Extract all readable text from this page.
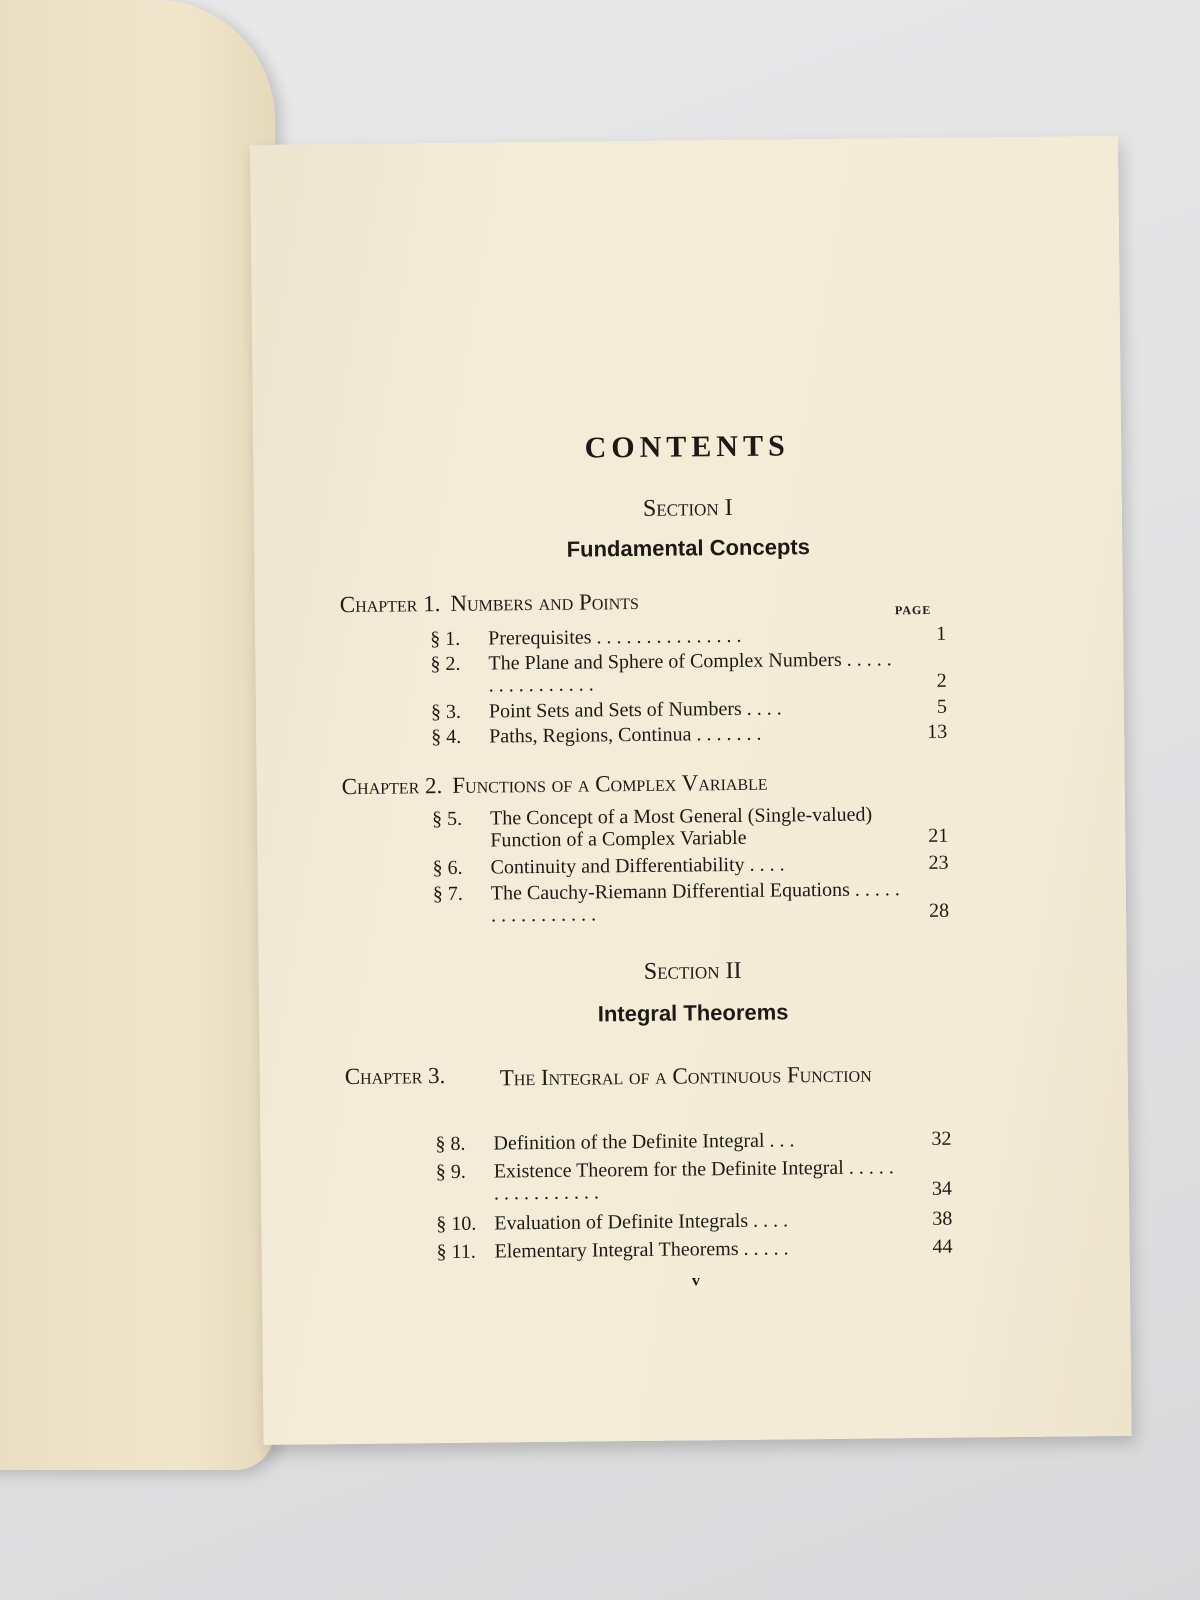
CONTENTS
Section I
Fundamental Concepts
Chapter 1. Numbers and Points	PAGE
§ 1.	Prerequisites . . . . . . . . . . . . . . .	1
§ 2.	The Plane and Sphere of Complex Numbers . . . . . . . . . . . . . . . .	2
§ 3.	Point Sets and Sets of Numbers . . . .	5
§ 4.	Paths, Regions, Continua . . . . . . .	13
Chapter 2. Functions of a Complex Variable
§ 5.	The Concept of a Most General (Single-valued) Function of a Complex Variable	21
§ 6.	Continuity and Differentiability . . . .	23
§ 7.	The Cauchy-Riemann Differential Equations . . . . . . . . . . . . . . . .	28
Section II
Integral Theorems
Chapter 3. The Integral of a Continuous Function
§ 8.	Definition of the Definite Integral . . .	32
§ 9.	Existence Theorem for the Definite Integral . . . . . . . . . . . . . . . .	34
§ 10. Evaluation of Definite Integrals . . . .	38
§ 11. Elementary Integral Theorems . . . . .	44
v
